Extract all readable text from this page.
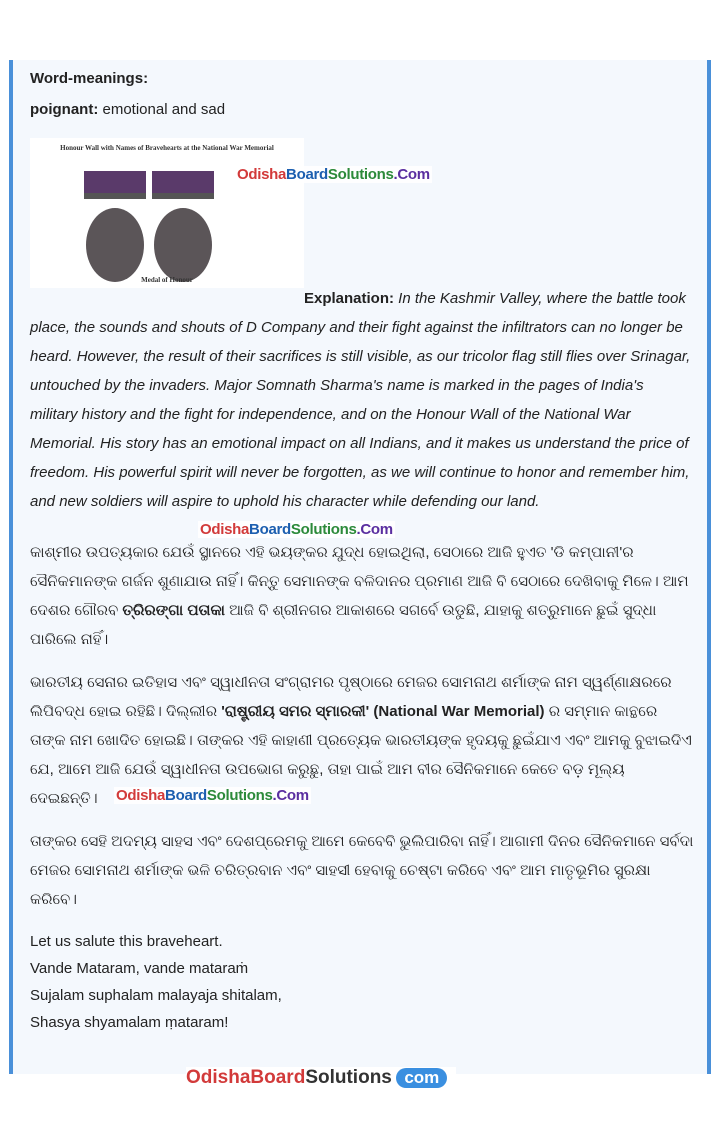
Word-meanings:

poignant: emotional and sad

Honour Wall with Names of Bravehearts at the National War Memorial
Medal of Honour
OdishaBoardSolutions.Com

Explanation: In the Kashmir Valley, where the battle took place, the sounds and shouts of D Company and their fight against the infiltrators can no longer be heard. However, the result of their sacrifices is still visible, as our tricolor flag still flies over Srinagar, untouched by the invaders. Major Somnath Sharma's name is marked in the pages of India's military history and the fight for independence, and on the Honour Wall of the National War Memorial. His story has an emotional impact on all Indians, and it makes us understand the price of freedom. His powerful spirit will never be forgotten, as we will continue to honor and remember him, and new soldiers will aspire to uphold his character while defending our land.

OdishaBoardSolutions.Com

କାଶ୍ମୀର ଉପତ୍ୟକାର ଯେଉଁ ସ୍ଥାନରେ ଏହି ଭୟଙ୍କର ଯୁଦ୍ଧ ହୋଇଥିଲା, ସେଠାରେ ଆଜି ହୁଏତ 'ଡି କମ୍ପାନୀ'ର ସୈନିକମାନଙ୍କ ଗର୍ଜନ ଶୁଣାଯାଉ ନାହିଁ। କିନ୍ତୁ ସେମାନଙ୍କ ବଳିଦାନର ପ୍ରମାଣ ଆଜି ବି ସେଠାରେ ଦେଖିବାକୁ ମିଳେ। ଆମ ଦେଶର ଗୌରବ ତ୍ରିରଙ୍ଗା ପତାକା ଆଜି ବି ଶ୍ରୀନଗର ଆକାଶରେ ସଗର୍ବେ ଉଡୁଛି, ଯାହାକୁ ଶତ୍ରୁମାନେ ଛୁଇଁ ସୁଦ୍ଧା ପାରିଲେ ନାହିଁ।

ଭାରତୀୟ ସେନାର ଇତିହାସ ଏବଂ ସ୍ୱାଧୀନତା ସଂଗ୍ରାମର ପୃଷ୍ଠାରେ ମେଜର ସୋମନାଥ ଶର୍ମାଙ୍କ ନାମ ସ୍ୱର୍ଣ୍ଣାକ୍ଷରରେ ଲିପିବଦ୍ଧ ହୋଇ ରହିଛି। ଦିଲ୍ଲୀର 'ରାଷ୍ଟ୍ରୀୟ ସମର ସ୍ମାରକୀ' (National War Memorial) ର ସମ୍ମାନ କାନ୍ଥରେ ତାଙ୍କ ନାମ ଖୋଦିତ ହୋଇଛି। ତାଙ୍କର ଏହି କାହାଣୀ ପ୍ରତ୍ୟେକ ଭାରତୀୟଙ୍କ ହୃଦୟକୁ ଛୁଇଁଯାଏ ଏବଂ ଆମକୁ ବୁଝାଇଦିଏ ଯେ, ଆମେ ଆଜି ଯେଉଁ ସ୍ୱାଧୀନତା ଉପଭୋଗ କରୁଛୁ, ତାହା ପାଇଁ ଆମ ବୀର ସୈନିକମାନେ କେତେ ବଡ଼ ମୂଲ୍ୟ ଦେଇଛନ୍ତି।	OdishaBoardSolutions.Com

ତାଙ୍କର ସେହି ଅଦମ୍ୟ ସାହସ ଏବଂ ଦେଶପ୍ରେମକୁ ଆମେ କେବେବି ଭୁଲିପାରିବା ନାହିଁ। ଆଗାମୀ ଦିନର ସୈନିକମାନେ ସର୍ବଦା ମେଜର ସୋମନାଥ ଶର୍ମାଙ୍କ ଭଳି ଚରିତ୍ରବାନ ଏବଂ ସାହସୀ ହେବାକୁ ଚେଷ୍ଟା କରିବେ ଏବଂ ଆମ ମାତୃଭୂମିର ସୁରକ୍ଷା କରିବେ।

Let us salute this braveheart.

Vande Mataram, vande mataraṁ

Sujalam suphalam malayaja shitalam,

Shasya shyamalam ṃataram!

OdishaBoardSolutions com
